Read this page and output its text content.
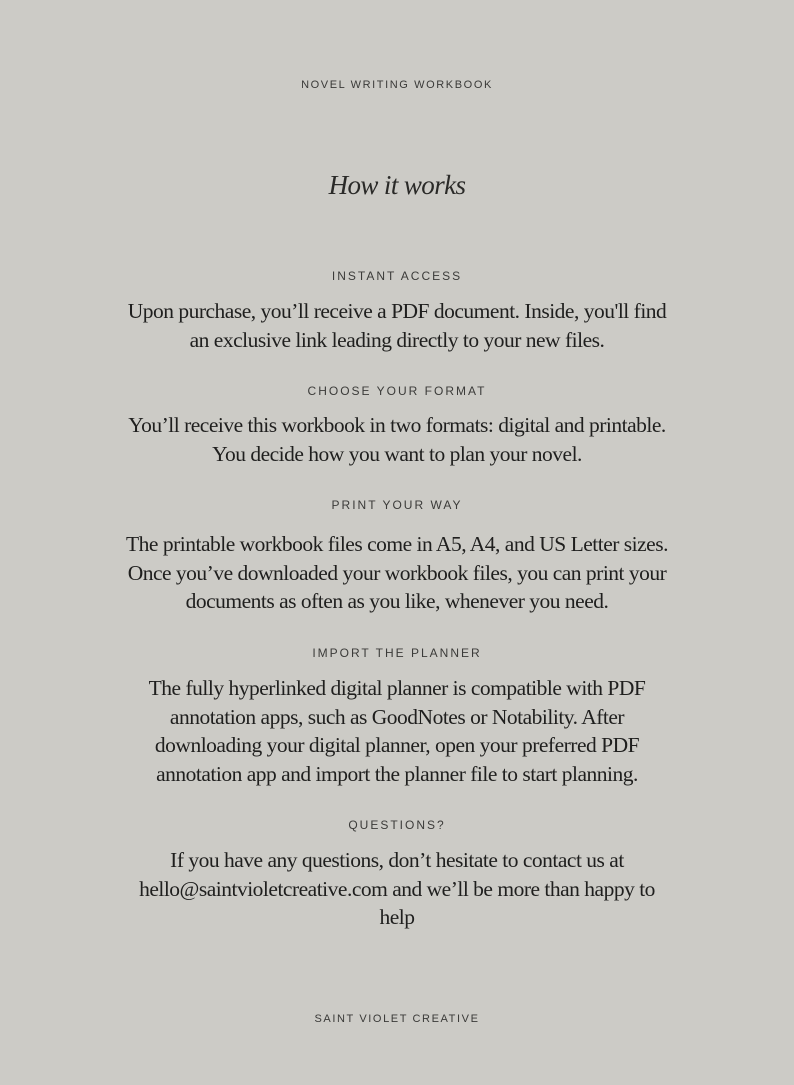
NOVEL WRITING WORKBOOK
How it works
INSTANT ACCESS
Upon purchase, you’ll receive a PDF document. Inside, you'll find
an exclusive link leading directly to your new files.
CHOOSE YOUR FORMAT
You’ll receive this workbook in two formats: digital and printable.
You decide how you want to plan your novel.
PRINT YOUR WAY
The printable workbook files come in A5, A4, and US Letter sizes.
Once you’ve downloaded your workbook files, you can print your
documents as often as you like, whenever you need.
IMPORT THE PLANNER
The fully hyperlinked digital planner is compatible with PDF
annotation apps, such as GoodNotes or Notability. After
downloading your digital planner, open your preferred PDF
annotation app and import the planner file to start planning.
QUESTIONS?
If you have any questions, don’t hesitate to contact us at
hello@saintvioletcreative.com and we’ll be more than happy to
help
SAINT VIOLET CREATIVE
